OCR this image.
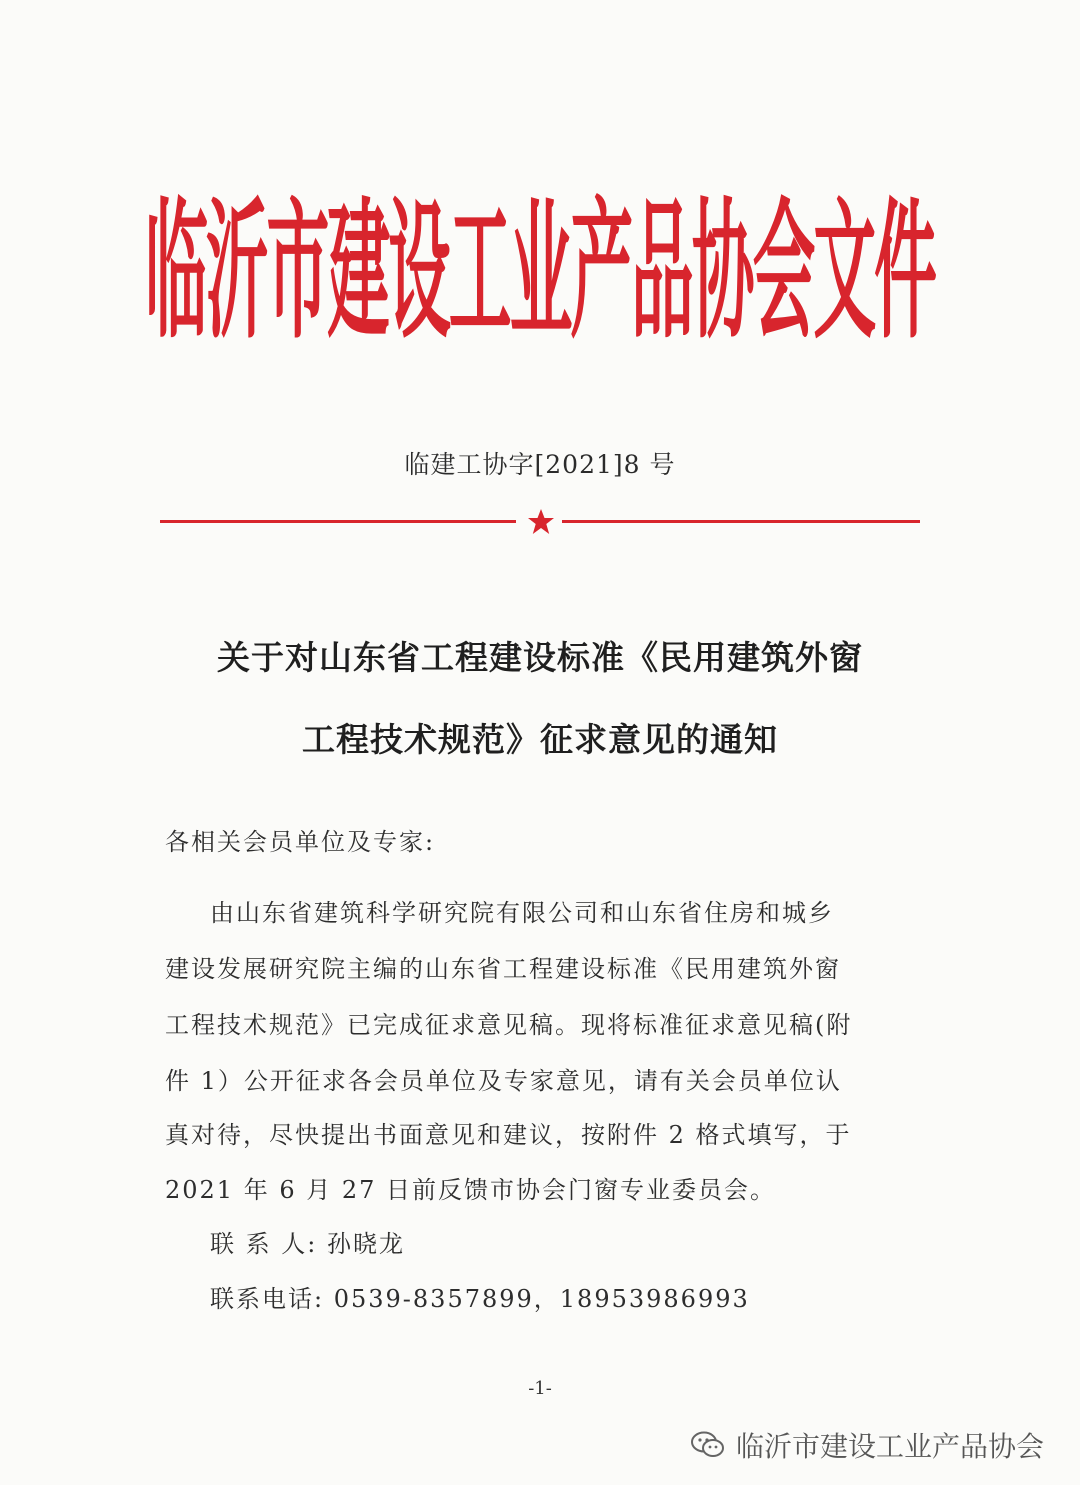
临沂市建设工业产品协会文件
临建工协字[2021]8 号
关于对山东省工程建设标准《民用建筑外窗
工程技术规范》征求意见的通知
各相关会员单位及专家:
由山东省建筑科学研究院有限公司和山东省住房和城乡
建设发展研究院主编的山东省工程建设标准《民用建筑外窗
工程技术规范》已完成征求意见稿。现将标准征求意见稿(附
件 1）公开征求各会员单位及专家意见，请有关会员单位认
真对待，尽快提出书面意见和建议，按附件 2 格式填写，于
2021 年 6 月 27 日前反馈市协会门窗专业委员会。
联 系 人: 孙晓龙
联系电话: 0539-8357899，18953986993
-1-
临沂市建设工业产品协会
